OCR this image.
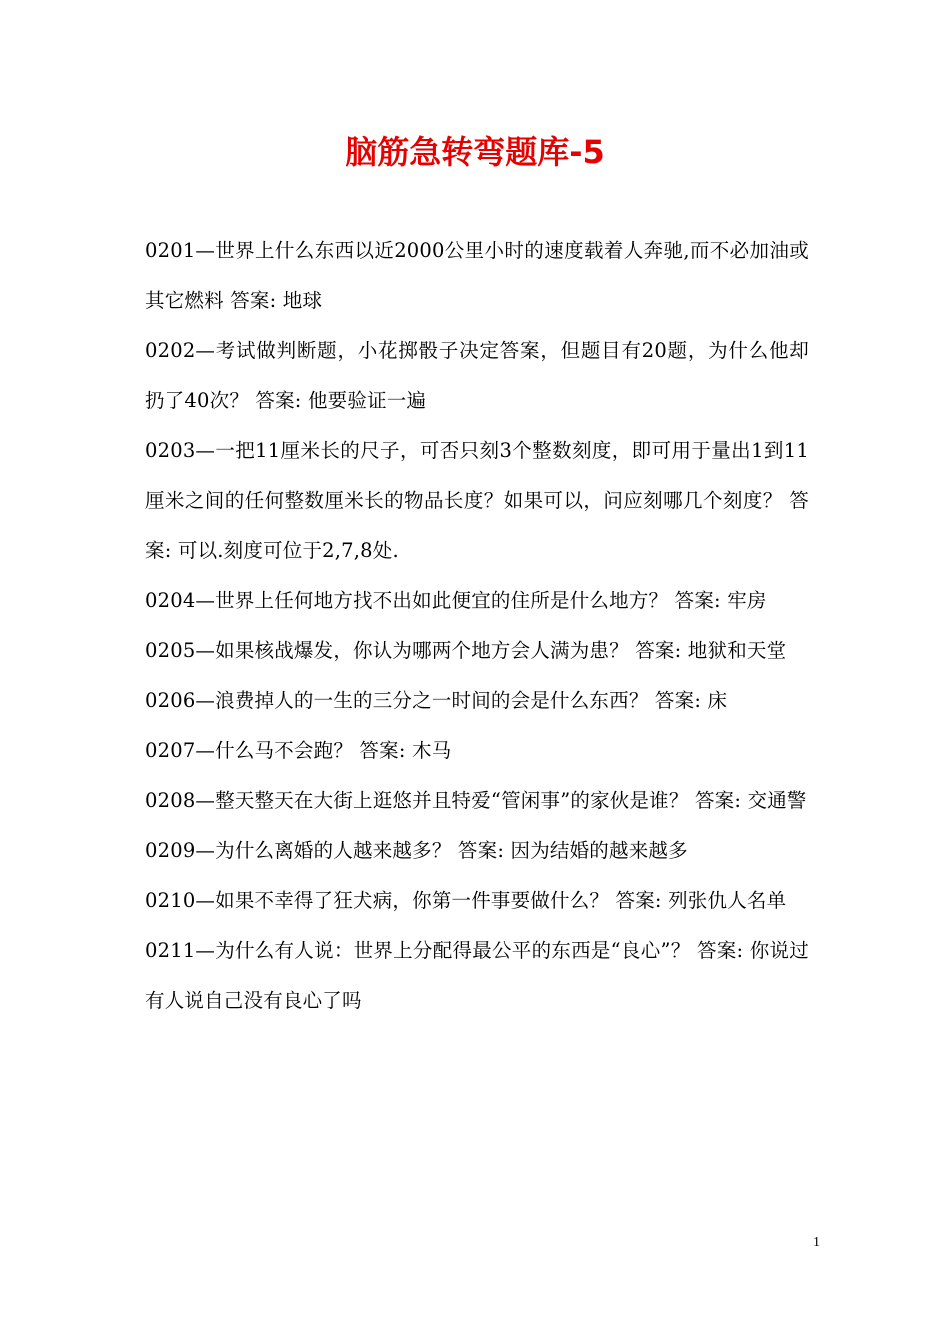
脑筋急转弯题库-5

0201—世界上什么东西以近2000公里小时的速度载着人奔驰,而不必加油或其它燃料 答案: 地球

0202—考试做判断题，小花掷骰子决定答案，但题目有20题，为什么他却扔了40次？ 答案: 他要验证一遍

0203—一把11厘米长的尺子，可否只刻3个整数刻度，即可用于量出1到11厘米之间的任何整数厘米长的物品长度？如果可以，问应刻哪几个刻度？ 答案: 可以.刻度可位于2,7,8处.

0204—世界上任何地方找不出如此便宜的住所是什么地方？ 答案: 牢房

0205—如果核战爆发，你认为哪两个地方会人满为患？ 答案: 地狱和天堂

0206—浪费掉人的一生的三分之一时间的会是什么东西？ 答案: 床

0207—什么马不会跑？ 答案: 木马

0208—整天整天在大街上逛悠并且特爱“管闲事”的家伙是谁？ 答案: 交通警

0209—为什么离婚的人越来越多？ 答案: 因为结婚的越来越多

0210—如果不幸得了狂犬病，你第一件事要做什么？ 答案: 列张仇人名单

0211—为什么有人说：世界上分配得最公平的东西是“良心”？ 答案: 你说过有人说自己没有良心了吗

1
